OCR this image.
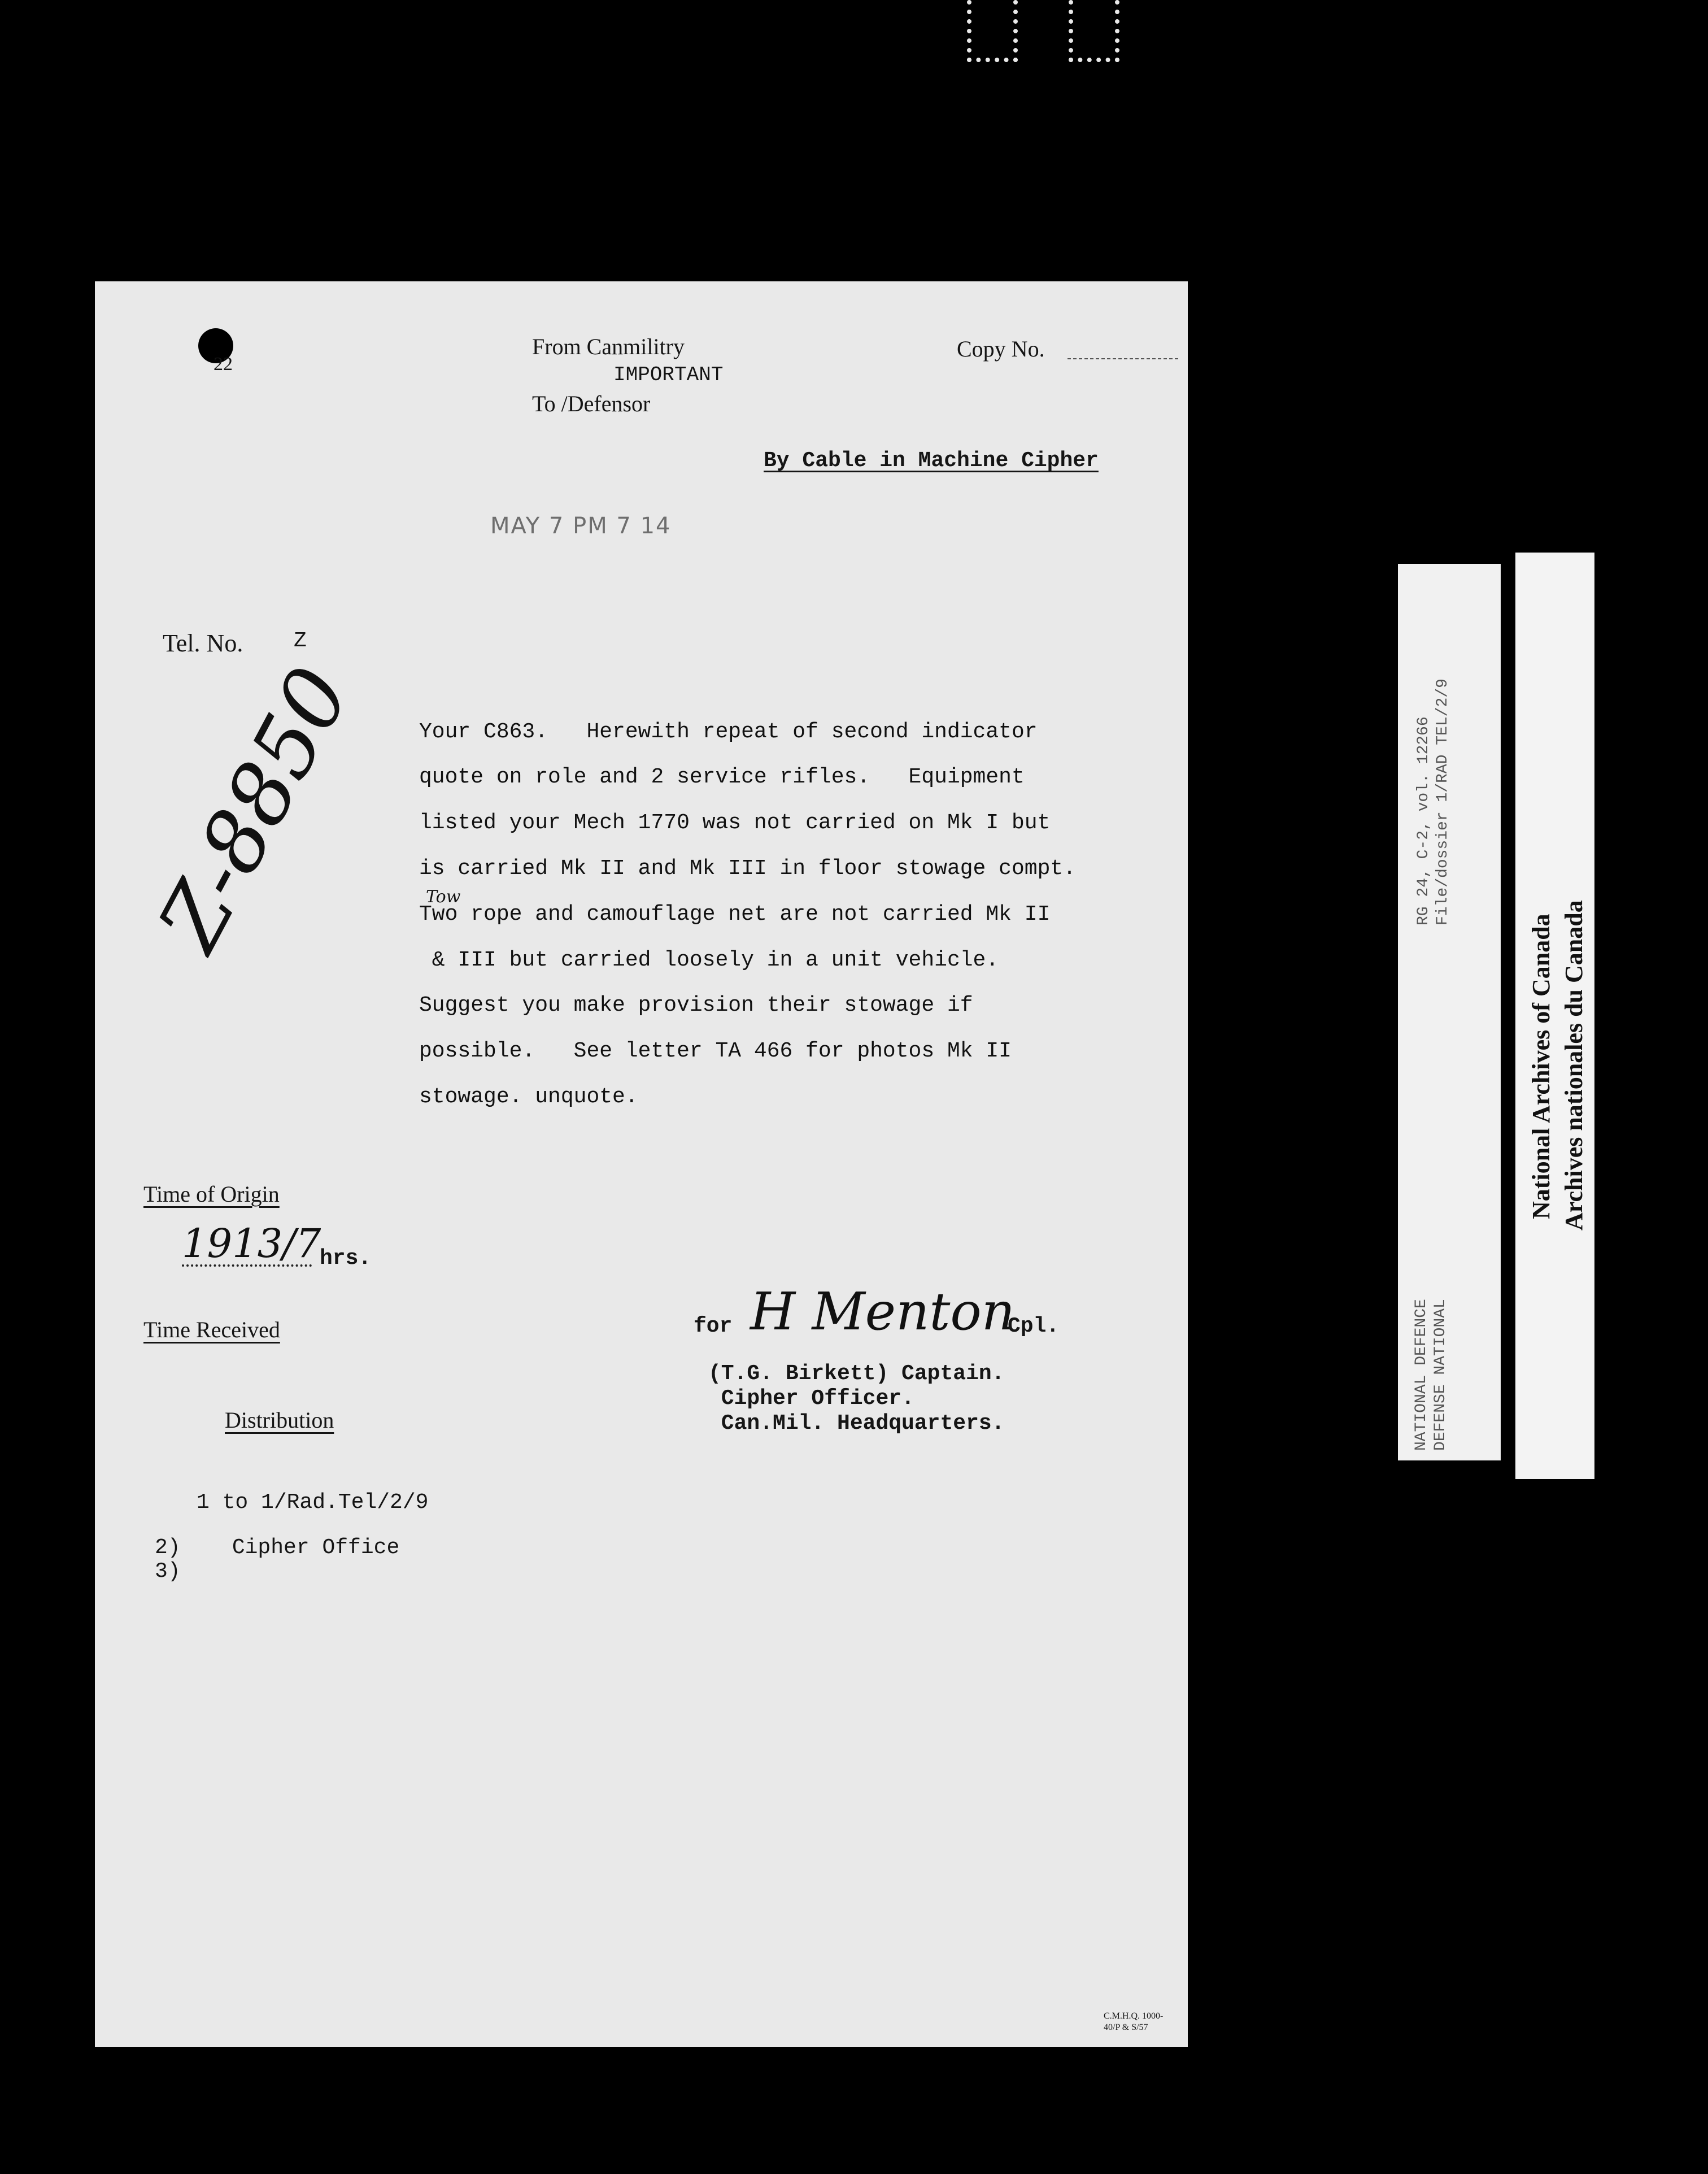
22
From Canmilitry
IMPORTANT
To /Defensor
Copy No.
By Cable in Machine Cipher
MAY 7 PM 7 14
Tel. No. Z
Z-8850 Your C863.   Herewith repeat of second indicator
quote on role and 2 service rifles.   Equipment
listed your Mech 1770 was not carried on Mk I but
is carried Mk II and Mk III in floor stowage compt.
Tow
Two rope and camouflage net are not carried Mk II
& III but carried loosely in a unit vehicle.
Suggest you make provision their stowage if
possible.   See letter TA 466 for photos Mk II
stowage. unquote.
Time of Origin
1913/7
hrs.
Time Received
Distribution
1 to 1/Rad.Tel/2/9
2)    Cipher Office
3)
for H Menton
Cpl.
(T.G. Birkett) Captain.
Cipher Officer.
Can.Mil. Headquarters.
C.M.H.Q. 1000-
40/P & S/57
RG 24, C-2, vol. 12266 File/dossier 1/RAD TEL/2/9
NATIONAL DEFENCE DEFENSE NATIONAL
National Archives of Canada Archives nationales du Canada
